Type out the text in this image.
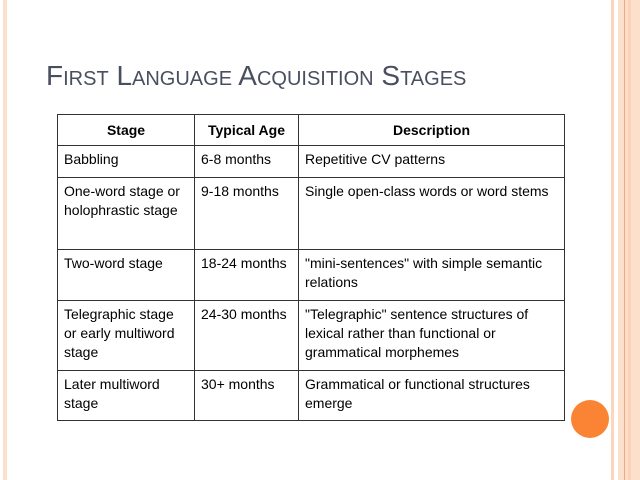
First Language Acquisition Stages
Stage	Typical Age	Description
Babbling	6-8 months	Repetitive CV patterns
One-word stage or holophrastic stage	9-18 months	Single open-class words or word stems
Two-word stage	18-24 months	"mini-sentences" with simple semantic relations
Telegraphic stage or early multiword stage	24-30 months	"Telegraphic" sentence structures of lexical rather than functional or grammatical morphemes
Later multiword stage	30+ months	Grammatical or functional structures emerge
